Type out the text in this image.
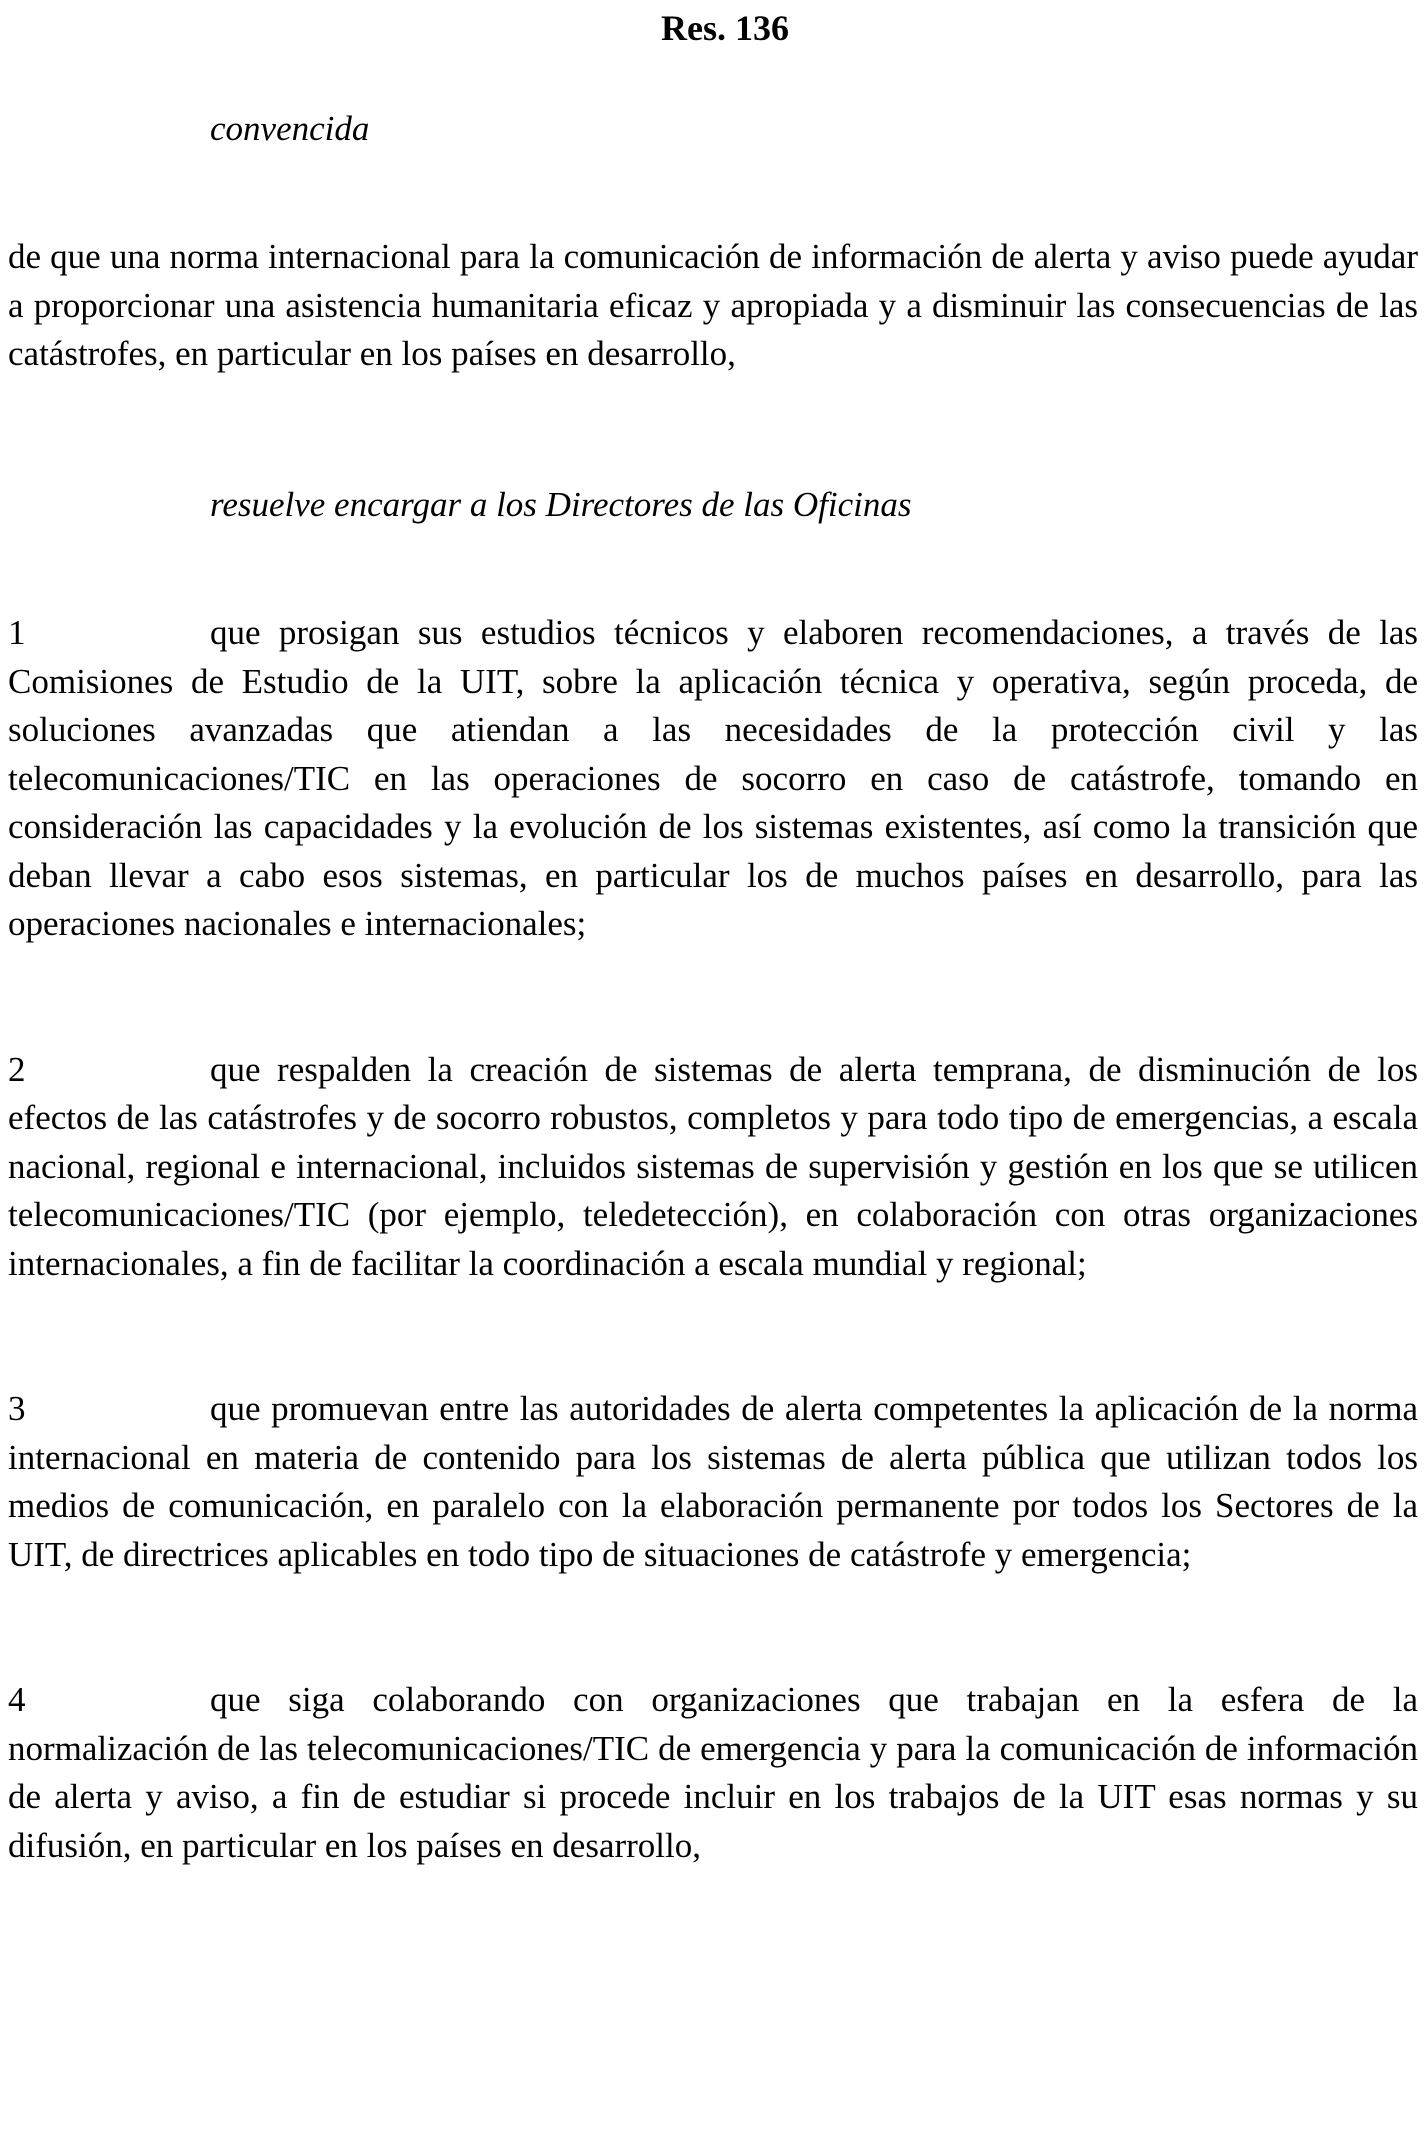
Res. 136
convencida

de que una norma internacional para la comunicación de información de alerta y aviso puede ayudar a proporcionar una asistencia humanitaria eficaz y apropiada y a disminuir las consecuencias de las catástrofes, en particular en los países en desarrollo,

resuelve encargar a los Directores de las Oficinas

1	que prosigan sus estudios técnicos y elaboren recomendaciones, a través de las Comisiones de Estudio de la UIT, sobre la aplicación técnica y operativa, según proceda, de soluciones avanzadas que atiendan a las necesidades de la protección civil y las telecomunicaciones/TIC en las operaciones de socorro en caso de catástrofe, tomando en consideración las capacidades y la evolución de los sistemas existentes, así como la transición que deban llevar a cabo esos sistemas, en particular los de muchos países en desarrollo, para las operaciones nacionales e internacionales;

2	que respalden la creación de sistemas de alerta temprana, de disminución de los efectos de las catástrofes y de socorro robustos, completos y para todo tipo de emergencias, a escala nacional, regional e internacional, incluidos sistemas de supervisión y gestión en los que se utilicen telecomunicaciones/TIC (por ejemplo, teledetección), en colaboración con otras organizaciones internacionales, a fin de facilitar la coordinación a escala mundial y regional;

3	que promuevan entre las autoridades de alerta competentes la aplicación de la norma internacional en materia de contenido para los sistemas de alerta pública que utilizan todos los medios de comunicación, en paralelo con la elaboración permanente por todos los Sectores de la UIT, de directrices aplicables en todo tipo de situaciones de catástrofe y emergencia;

4	que siga colaborando con organizaciones que trabajan en la esfera de la normalización de las telecomunicaciones/TIC de emergencia y para la comunicación de información de alerta y aviso, a fin de estudiar si procede incluir en los trabajos de la UIT esas normas y su difusión, en particular en los países en desarrollo,
